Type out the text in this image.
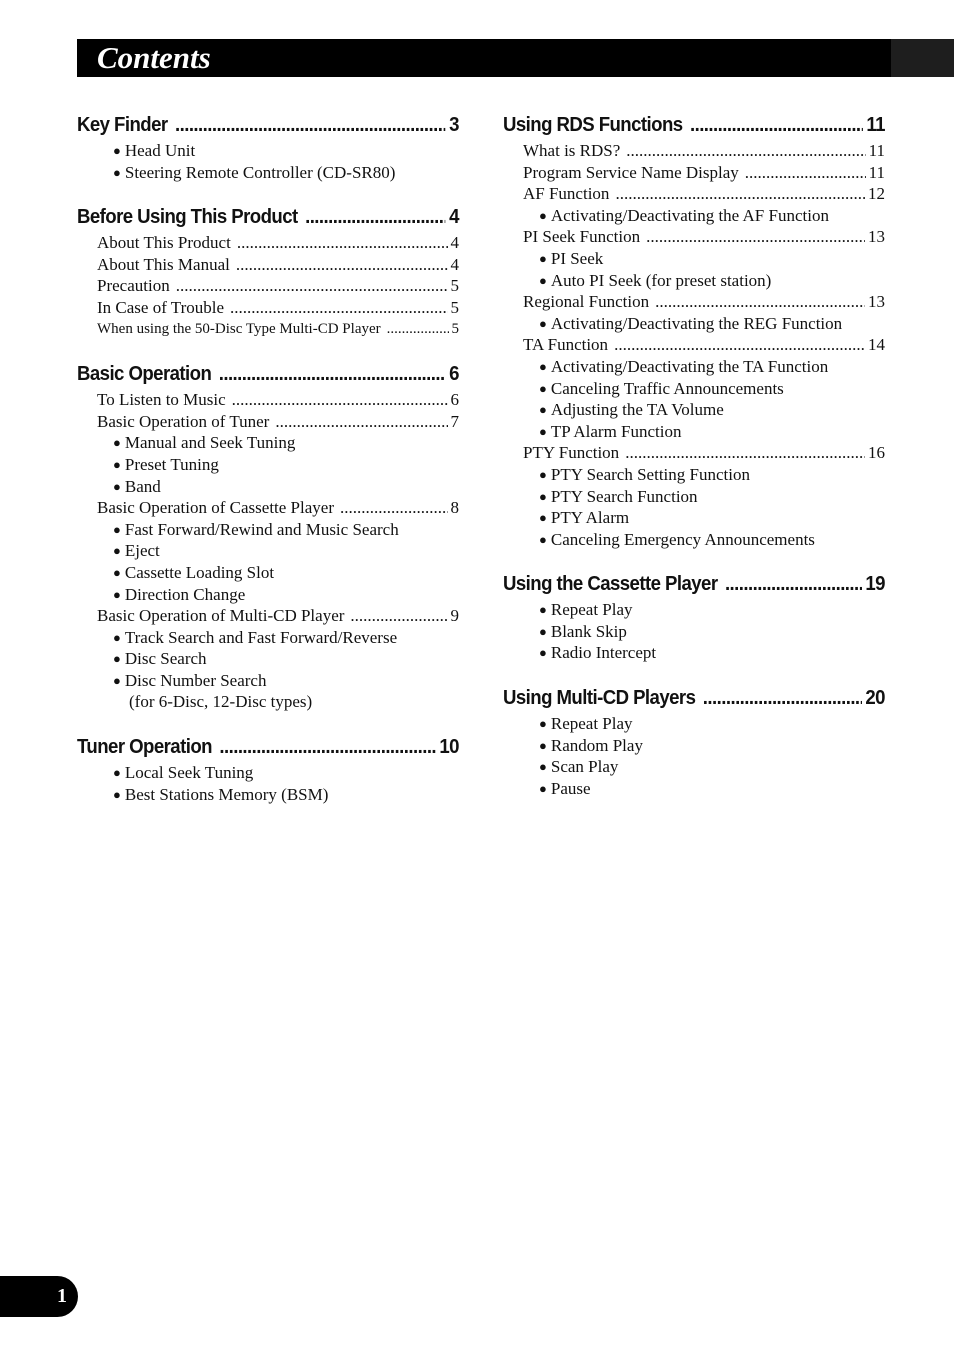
Contents
Key Finder .....	3
● Head Unit
● Steering Remote Controller (CD-SR80)
Before Using This Product .....	4
About This Product .....	4
About This Manual .....	4
Precaution .....	5
In Case of Trouble .....	5
When using the 50-Disc Type Multi-CD Player .....	5
Basic Operation .....	6
To Listen to Music .....	6
Basic Operation of Tuner .....	7
● Manual and Seek Tuning
● Preset Tuning
● Band
Basic Operation of Cassette Player .....	8
● Fast Forward/Rewind and Music Search
● Eject
● Cassette Loading Slot
● Direction Change
Basic Operation of Multi-CD Player .....	9
● Track Search and Fast Forward/Reverse
● Disc Search
● Disc Number Search
(for 6-Disc, 12-Disc types)
Tuner Operation .....	10
● Local Seek Tuning
● Best Stations Memory (BSM)
Using RDS Functions .....	11
What is RDS? .....	11
Program Service Name Display .....	11
AF Function .....	12
● Activating/Deactivating the AF Function
PI Seek Function .....	13
● PI Seek
● Auto PI Seek (for preset station)
Regional Function .....	13
● Activating/Deactivating the REG Function
TA Function .....	14
● Activating/Deactivating the TA Function
● Canceling Traffic Announcements
● Adjusting the TA Volume
● TP Alarm Function
PTY Function .....	16
● PTY Search Setting Function
● PTY Search Function
● PTY Alarm
● Canceling Emergency Announcements
Using the Cassette Player .....	19
● Repeat Play
● Blank Skip
● Radio Intercept
Using Multi-CD Players .....	20
● Repeat Play
● Random Play
● Scan Play
● Pause
1
